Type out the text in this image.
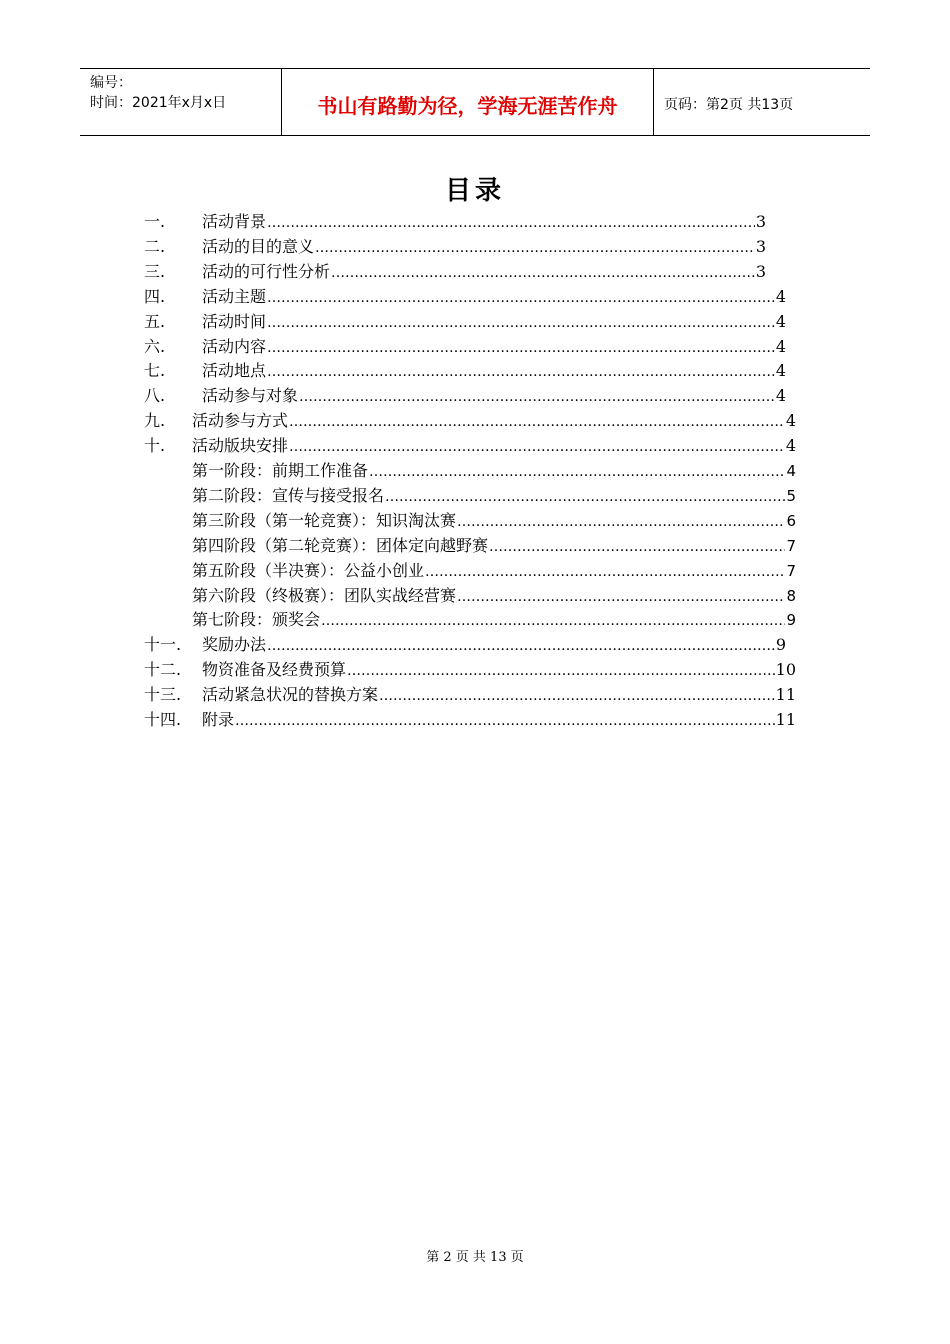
编号：
时间：2021年x月x日	书山有路勤为径，学海无涯苦作舟	页码：第2页 共13页
目录
一.	活动背景 ……………………………………………………………………………………………………………………………………………………	3
二.	活动的目的意义 ……………………………………………………………………………………………………………………………………………………	3
三.	活动的可行性分析 ……………………………………………………………………………………………………………………………………………………	3
四.	活动主题 ……………………………………………………………………………………………………………………………………………………	4
五.	活动时间 ……………………………………………………………………………………………………………………………………………………	4
六.	活动内容 ……………………………………………………………………………………………………………………………………………………	4
七.	活动地点 ……………………………………………………………………………………………………………………………………………………	4
八.	活动参与对象 ……………………………………………………………………………………………………………………………………………………	4
九.	活动参与方式 ……………………………………………………………………………………………………………………………………………………	4
十.	活动版块安排 ……………………………………………………………………………………………………………………………………………………	4
第一阶段：前期工作准备 ……………………………………………………………………………………………………………………………………………………	4
第二阶段：宣传与接受报名 ……………………………………………………………………………………………………………………………………………………	5
第三阶段（第一轮竞赛）：知识淘汰赛 ……………………………………………………………………………………………………………………………………………………	6
第四阶段（第二轮竞赛）：团体定向越野赛 ……………………………………………………………………………………………………………………………………………………	7
第五阶段（半决赛）：公益小创业 ……………………………………………………………………………………………………………………………………………………	7
第六阶段（终极赛）：团队实战经营赛 ……………………………………………………………………………………………………………………………………………………	8
第七阶段：颁奖会 ……………………………………………………………………………………………………………………………………………………	9
十一.	奖励办法 ……………………………………………………………………………………………………………………………………………………	9
十二.	物资准备及经费预算 ……………………………………………………………………………………………………………………………………………………	10
十三.	活动紧急状况的替换方案 ……………………………………………………………………………………………………………………………………………………	11
十四.	附录 ……………………………………………………………………………………………………………………………………………………	11
第 2 页 共 13 页
